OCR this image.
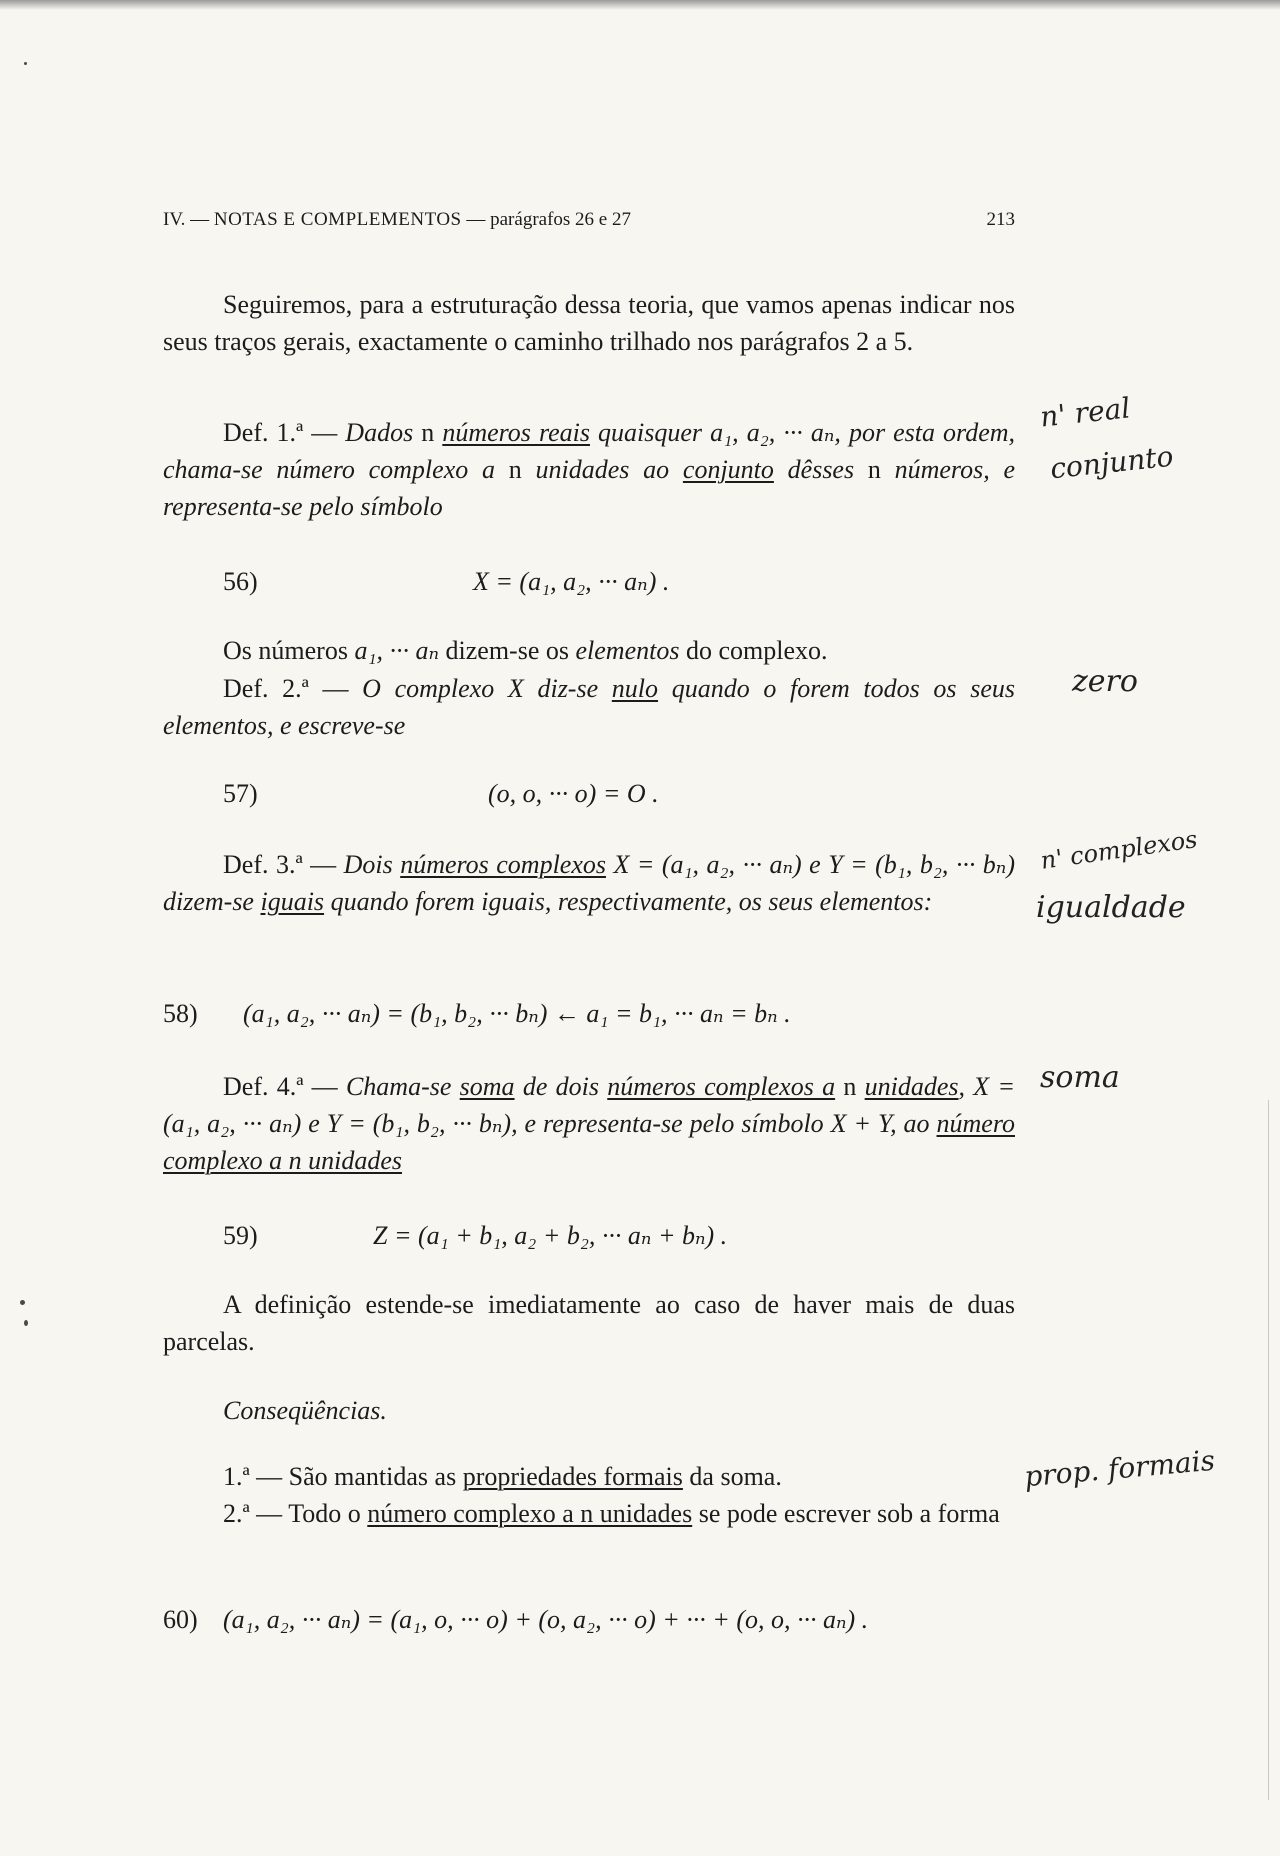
IV. — NOTAS E COMPLEMENTOS — parágrafos 26 e 27	213

Seguiremos, para a estruturação dessa teoria, que vamos apenas indicar nos seus traços gerais, exactamente o caminho trilhado nos parágrafos 2 a 5.

Def. 1.ª — Dados n números reais quaisquer a₁, a₂, ··· aₙ, por esta ordem, chama-se número complexo a n unidades ao conjunto dêsses n números, e representa-se pelo símbolo

56)	X = (a₁, a₂, ··· aₙ) .

Os números a₁, ··· aₙ dizem-se os elementos do complexo.

Def. 2.ª — O complexo X diz-se nulo quando o forem todos os seus elementos, e escreve-se

57)	(o, o, ··· o) = O .

Def. 3.ª — Dois números complexos X = (a₁, a₂, ··· aₙ) e Y = (b₁, b₂, ··· bₙ) dizem-se iguais quando forem iguais, respectivamente, os seus elementos:

58) (a₁, a₂, ··· aₙ) = (b₁, b₂, ··· bₙ) ← a₁ = b₁, ··· aₙ = bₙ .

Def. 4.ª — Chama-se soma de dois números complexos a n unidades, X = (a₁, a₂, ··· aₙ) e Y = (b₁, b₂, ··· bₙ), e representa-se pelo símbolo X + Y, ao número complexo a n unidades

59)	Z = (a₁ + b₁, a₂ + b₂, ··· aₙ + bₙ) .

A definição estende-se imediatamente ao caso de haver mais de duas parcelas.

Conseqüências.

1.ª — São mantidas as propriedades formais da soma.

2.ª — Todo o número complexo a n unidades se pode escrever sob a forma

60) (a₁, a₂, ··· aₙ) = (a₁, o, ··· o) + (o, a₂, ··· o) + ··· + (o, o, ··· aₙ) .
n' real
conjunto
zero
n' complexos
igualdade
soma
prop. formais
